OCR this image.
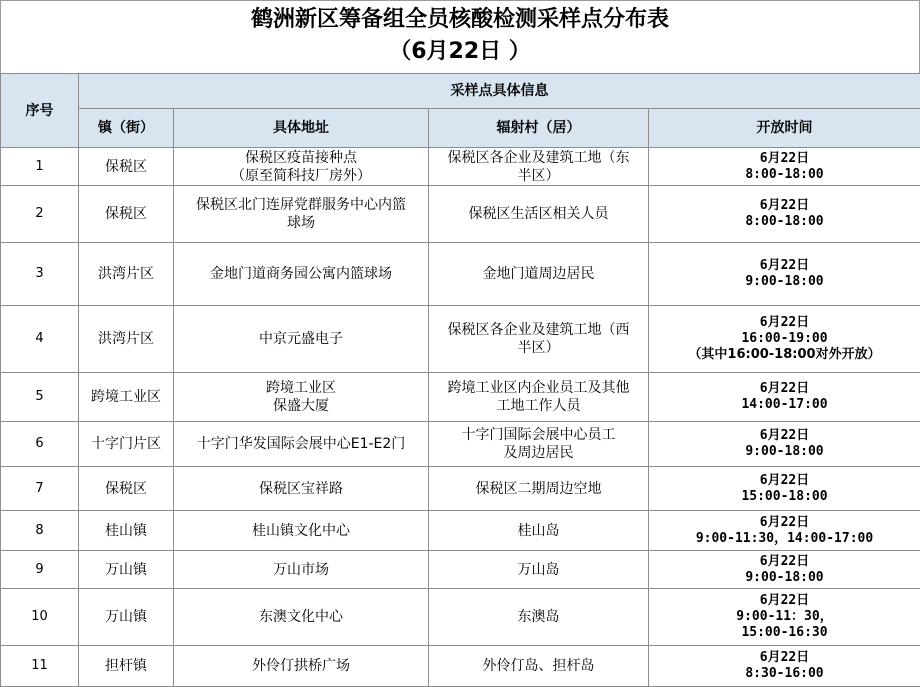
鹤洲新区筹备组全员核酸检测采样点分布表
（6月22日 ）
序号	采样点具体信息			
	镇（街）	具体地址	辐射村（居）	开放时间
1	保税区	保税区疫苗接种点
（原至简科技厂房外）	保税区各企业及建筑工地（东
半区）	6月22日
8:00-18:00

2	保税区	保税区北门连屏党群服务中心内篮
球场	保税区生活区相关人员	6月22日
8:00-18:00

3	洪湾片区	金地门道商务园公寓内篮球场	金地门道周边居民	6月22日
9:00-18:00

4	洪湾片区	中京元盛电子	保税区各企业及建筑工地（西
半区）	6月22日
16:00-19:00
（其中16:00-18:00对外开放）

5	跨境工业区	跨境工业区
保盛大厦	跨境工业区内企业员工及其他
工地工作人员	6月22日
14:00-17:00

6	十字门片区	十字门华发国际会展中心E1-E2门	十字门国际会展中心员工
及周边居民	6月22日
9:00-18:00

7	保税区	保税区宝祥路	保税区二期周边空地	6月22日
15:00-18:00

8	桂山镇	桂山镇文化中心	桂山岛	6月22日
9:00-11:30，14:00-17:00

9	万山镇	万山市场	万山岛	6月22日
9:00-18:00

10	万山镇	东澳文化中心	东澳岛	6月22日
9:00-11：30，
15:00-16:30

11	担杆镇	外伶仃拱桥广场	外伶仃岛、担杆岛	6月22日
8:30-16:00
